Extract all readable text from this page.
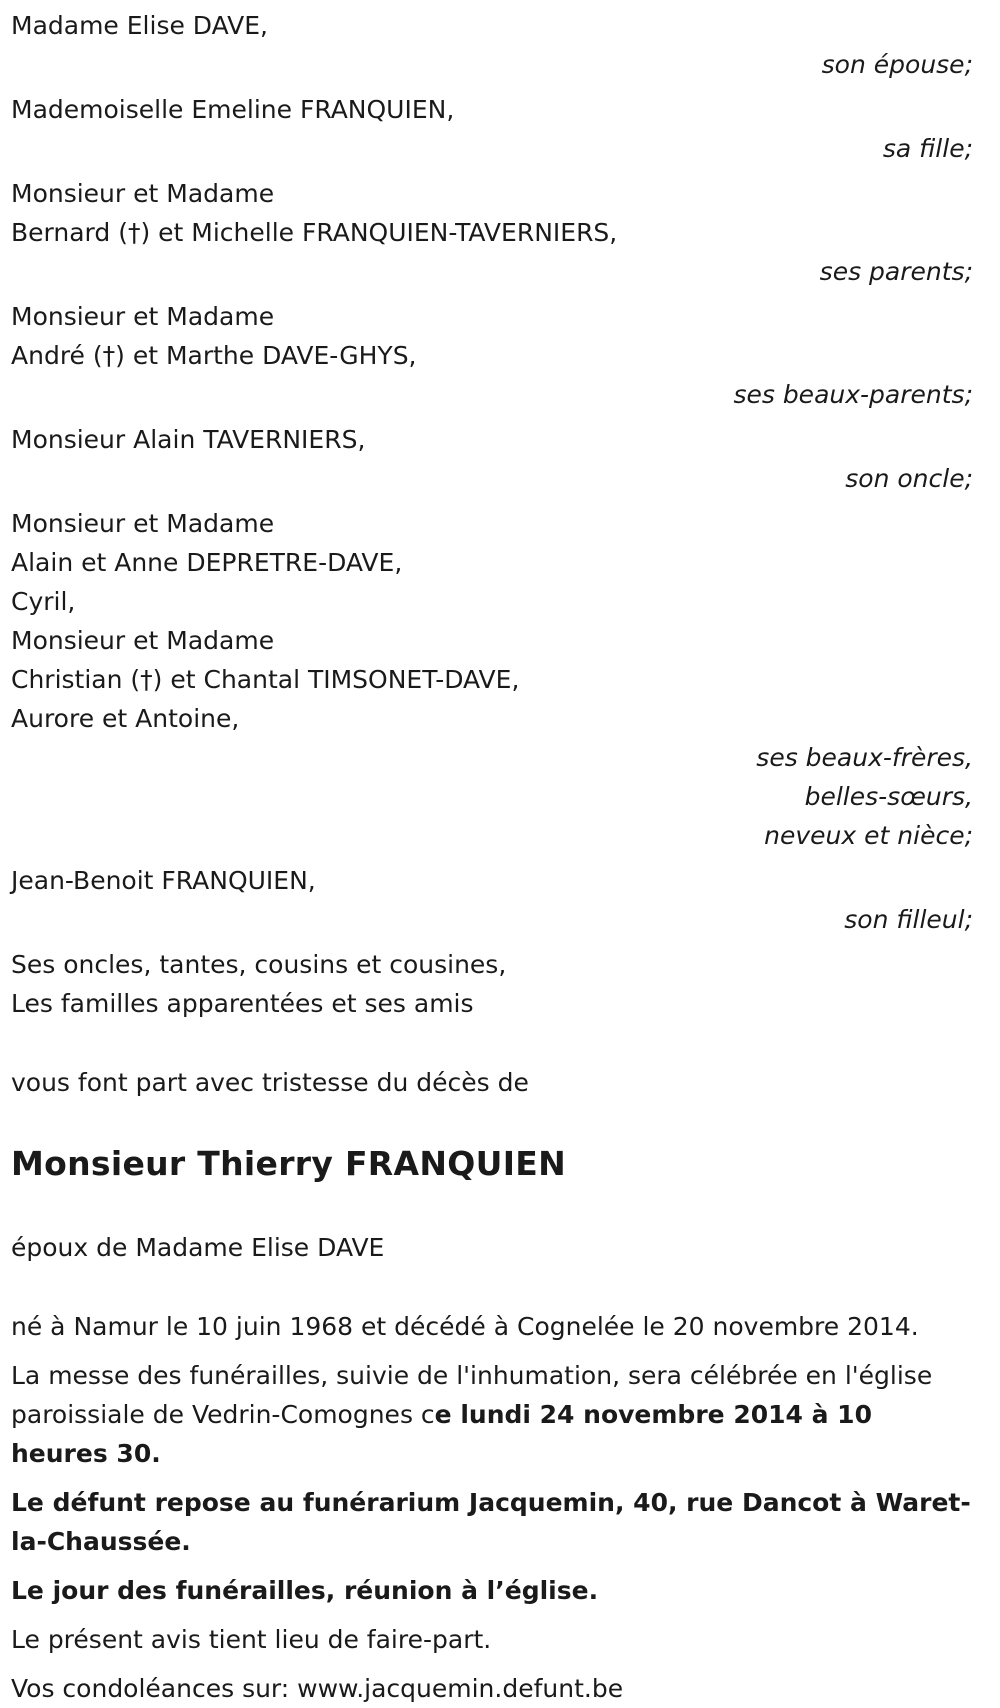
Madame Elise DAVE,

son épouse;

Mademoiselle Emeline FRANQUIEN,

sa fille;

Monsieur et Madame

Bernard (†) et Michelle FRANQUIEN-TAVERNIERS,

ses parents;

Monsieur et Madame

André (†) et Marthe DAVE-GHYS,

ses beaux-parents;

Monsieur Alain TAVERNIERS,

son oncle;

Monsieur et Madame

Alain et Anne DEPRETRE-DAVE,

Cyril,

Monsieur et Madame

Christian (†) et Chantal TIMSONET-DAVE,

Aurore et Antoine,

ses beaux-frères,

belles-sœurs,

neveux et nièce;

Jean-Benoit FRANQUIEN,

son filleul;

Ses oncles, tantes, cousins et cousines,

Les familles apparentées et ses amis

vous font part avec tristesse du décès de

Monsieur Thierry FRANQUIEN

époux de Madame Elise DAVE

né à Namur le 10 juin 1968 et décédé à Cognelée le 20 novembre 2014.

La messe des funérailles, suivie de l'inhumation, sera célébrée en l'église paroissiale de Vedrin-Comognes ce lundi 24 novembre 2014 à 10 heures 30.

Le défunt repose au funérarium Jacquemin, 40, rue Dancot à Waret-la-Chaussée.

Le jour des funérailles, réunion à l’église.

Le présent avis tient lieu de faire-part.

Vos condoléances sur: www.jacquemin.defunt.be
